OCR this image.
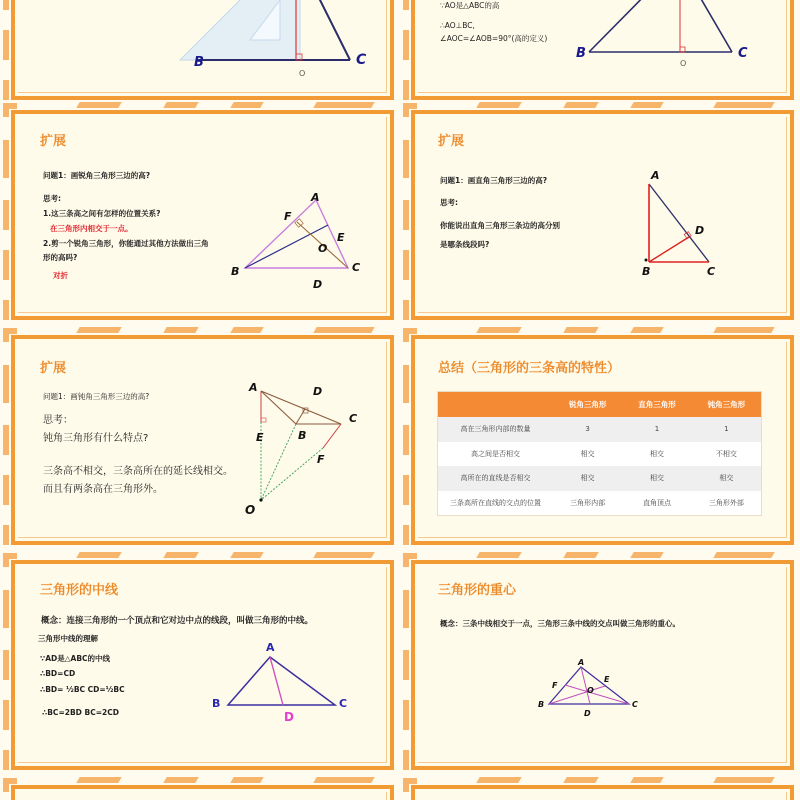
B	C
O
∵AO是△ABC的高
∴AO⊥BC,
∠AOC=∠AOB=90°(高的定义)
B	C
O
扩展
问题1：画锐角三角形三边的高?
思考:
1.这三条高之间有怎样的位置关系?
在三角形内相交于一点。
2.剪一个锐角三角形，你能通过其他方法做出三角
形的高吗?
对折
A
B	C
D
E
F
O
扩展
问题1：画直角三角形三边的高?
思考:
你能说出直角三角形三条边的高分别
是哪条线段吗?
A
B	C
D
扩展
问题1：画钝角三角形三边的高?
思考：
钝角三角形有什么特点?
三条高不相交，三条高所在的延长线相交。
而且有两条高在三角形外。
A
B
C
D
E
F
O
总结（三角形的三条高的特性）
	锐角三角形	直角三角形	钝角三角形
高在三角形内部的数量	3	1	1
高之间是否相交	相交	相交	不相交
高所在的直线是否相交	相交	相交	相交
三条高所在直线的交点的位置	三角形内部	直角顶点	三角形外部
三角形的中线
概念：连接三角形的一个顶点和它对边中点的线段，叫做三角形的中线。
三角形中线的理解
∵AD是△ABC的中线
∴BD=CD
∴BD= ½BC CD=½BC
∴BC=2BD BC=2CD
A
B	C
D
三角形的重心
概念：三条中线相交于一点，三角形三条中线的交点叫做三角形的重心。
A
B	C
D
E
F
O
